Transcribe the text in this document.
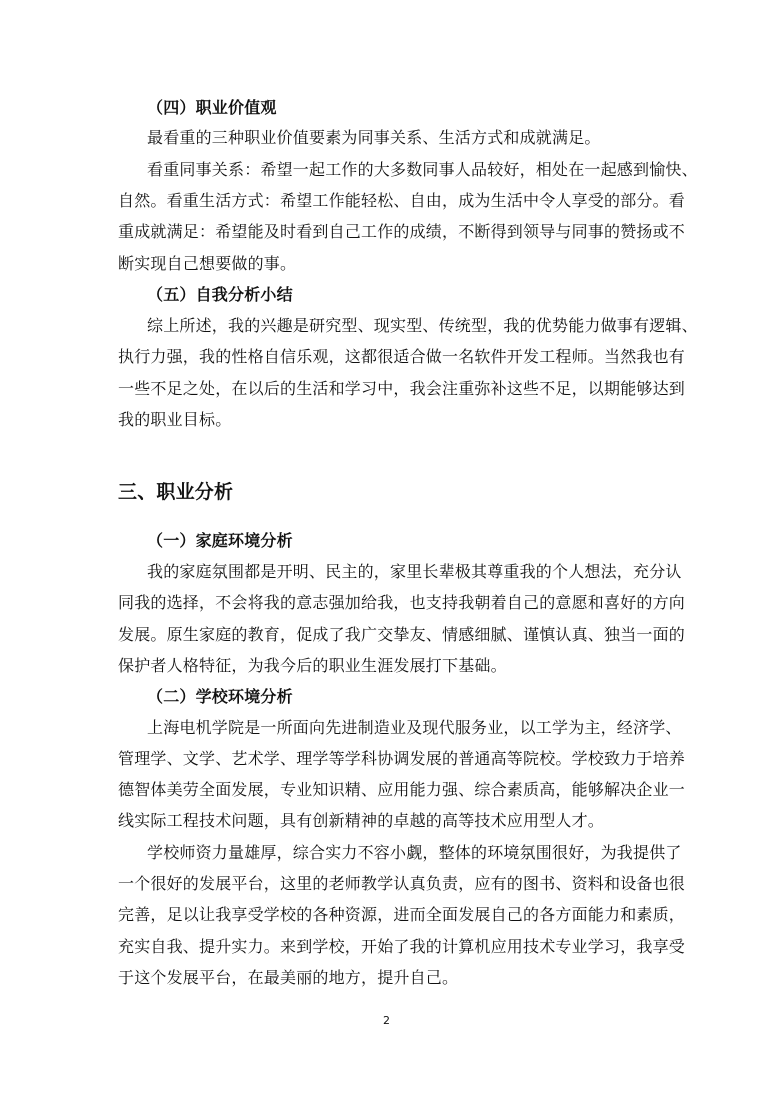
（四）职业价值观
最看重的三种职业价值要素为同事关系、生活方式和成就满足。
看重同事关系：希望一起工作的大多数同事人品较好，相处在一起感到愉快、
自然。看重生活方式：希望工作能轻松、自由，成为生活中令人享受的部分。看
重成就满足：希望能及时看到自己工作的成绩，不断得到领导与同事的赞扬或不
断实现自己想要做的事。
（五）自我分析小结
综上所述，我的兴趣是研究型、现实型、传统型，我的优势能力做事有逻辑、
执行力强，我的性格自信乐观，这都很适合做一名软件开发工程师。当然我也有
一些不足之处，在以后的生活和学习中，我会注重弥补这些不足，以期能够达到
我的职业目标。
三、职业分析
（一）家庭环境分析
我的家庭氛围都是开明、民主的，家里长辈极其尊重我的个人想法，充分认
同我的选择，不会将我的意志强加给我，也支持我朝着自己的意愿和喜好的方向
发展。原生家庭的教育，促成了我广交挚友、情感细腻、谨慎认真、独当一面的
保护者人格特征，为我今后的职业生涯发展打下基础。
（二）学校环境分析
上海电机学院是一所面向先进制造业及现代服务业，以工学为主，经济学、
管理学、文学、艺术学、理学等学科协调发展的普通高等院校。学校致力于培养
德智体美劳全面发展，专业知识精、应用能力强、综合素质高，能够解决企业一
线实际工程技术问题，具有创新精神的卓越的高等技术应用型人才。
学校师资力量雄厚，综合实力不容小觑，整体的环境氛围很好，为我提供了
一个很好的发展平台，这里的老师教学认真负责，应有的图书、资料和设备也很
完善，足以让我享受学校的各种资源，进而全面发展自己的各方面能力和素质，
充实自我、提升实力。来到学校，开始了我的计算机应用技术专业学习，我享受
于这个发展平台，在最美丽的地方，提升自己。
2
